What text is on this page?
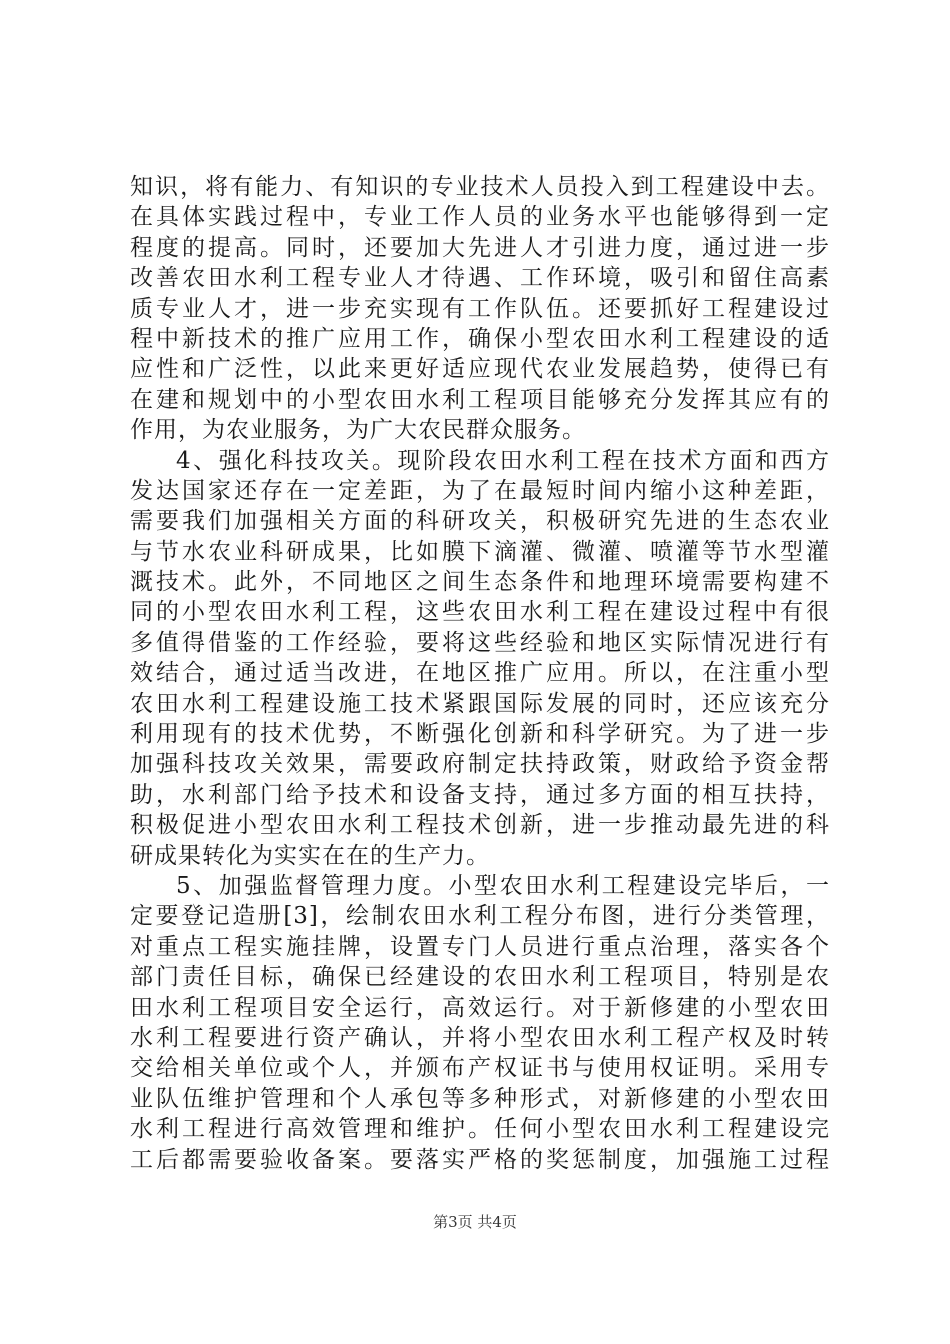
知识，将有能力、有知识的专业技术人员投入到工程建设中去。
在具体实践过程中，专业工作人员的业务水平也能够得到一定
程度的提高。同时，还要加大先进人才引进力度，通过进一步
改善农田水利工程专业人才待遇、工作环境，吸引和留住高素
质专业人才，进一步充实现有工作队伍。还要抓好工程建设过
程中新技术的推广应用工作，确保小型农田水利工程建设的适
应性和广泛性，以此来更好适应现代农业发展趋势，使得已有
在建和规划中的小型农田水利工程项目能够充分发挥其应有的
作用，为农业服务，为广大农民群众服务。
4、强化科技攻关。现阶段农田水利工程在技术方面和西方
发达国家还存在一定差距，为了在最短时间内缩小这种差距，
需要我们加强相关方面的科研攻关，积极研究先进的生态农业
与节水农业科研成果，比如膜下滴灌、微灌、喷灌等节水型灌
溉技术。此外，不同地区之间生态条件和地理环境需要构建不
同的小型农田水利工程，这些农田水利工程在建设过程中有很
多值得借鉴的工作经验，要将这些经验和地区实际情况进行有
效结合，通过适当改进，在地区推广应用。所以，在注重小型
农田水利工程建设施工技术紧跟国际发展的同时，还应该充分
利用现有的技术优势，不断强化创新和科学研究。为了进一步
加强科技攻关效果，需要政府制定扶持政策，财政给予资金帮
助，水利部门给予技术和设备支持，通过多方面的相互扶持，
积极促进小型农田水利工程技术创新，进一步推动最先进的科
研成果转化为实实在在的生产力。
5、加强监督管理力度。小型农田水利工程建设完毕后，一
定要登记造册[3]，绘制农田水利工程分布图，进行分类管理，
对重点工程实施挂牌，设置专门人员进行重点治理，落实各个
部门责任目标，确保已经建设的农田水利工程项目，特别是农
田水利工程项目安全运行，高效运行。对于新修建的小型农田
水利工程要进行资产确认，并将小型农田水利工程产权及时转
交给相关单位或个人，并颁布产权证书与使用权证明。采用专
业队伍维护管理和个人承包等多种形式，对新修建的小型农田
水利工程进行高效管理和维护。任何小型农田水利工程建设完
工后都需要验收备案。要落实严格的奖惩制度，加强施工过程
第3页 共4页
